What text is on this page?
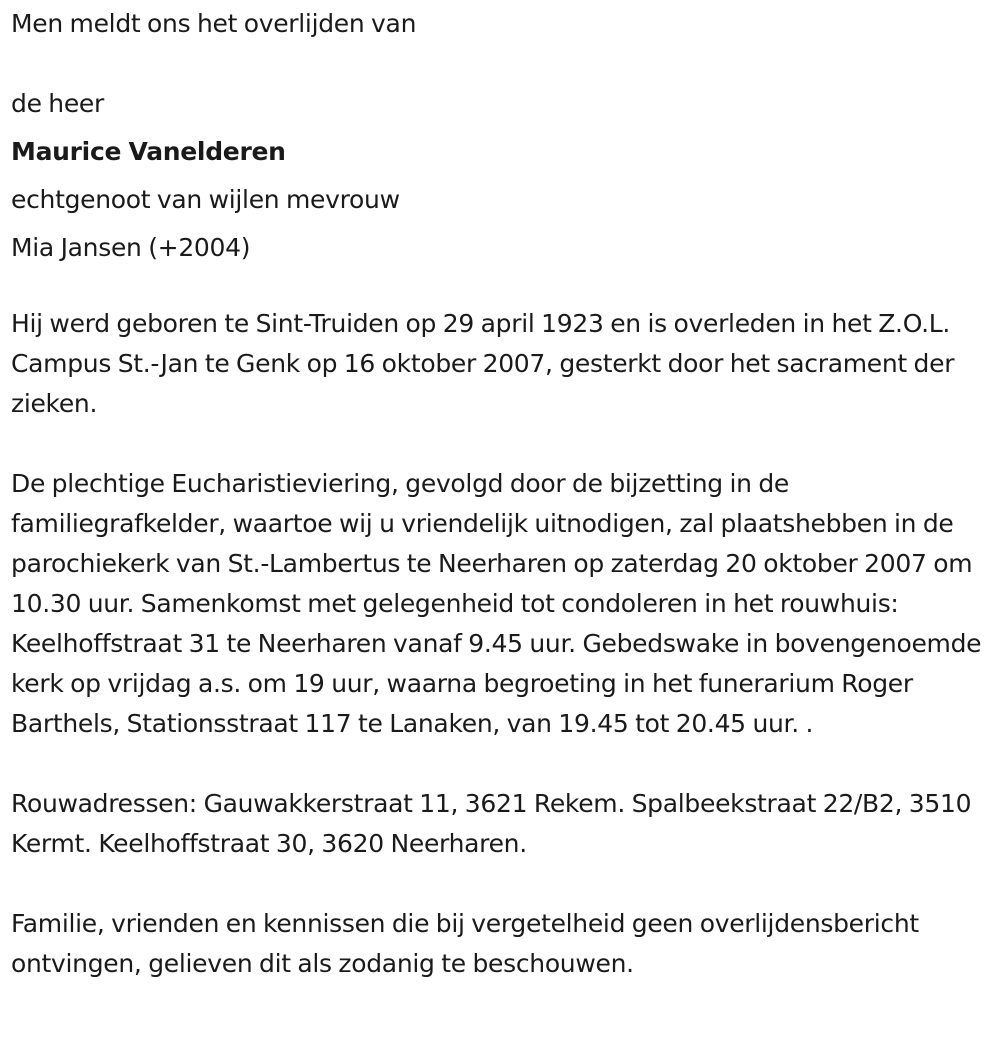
Men meldt ons het overlijden van
de heer
Maurice Vanelderen
echtgenoot van wijlen mevrouw
Mia Jansen (+2004)
Hij werd geboren te Sint-Truiden op 29 april 1923 en is overleden in het Z.O.L. Campus St.-Jan te Genk op 16 oktober 2007, gesterkt door het sacrament der zieken.
De plechtige Eucharistieviering, gevolgd door de bijzetting in de familiegrafkelder, waartoe wij u vriendelijk uitnodigen, zal plaatshebben in de parochiekerk van St.-Lambertus te Neerharen op zaterdag 20 oktober 2007 om 10.30 uur. Samenkomst met gelegenheid tot condoleren in het rouwhuis: Keelhoffstraat 31 te Neerharen vanaf 9.45 uur. Gebedswake in bovengenoemde kerk op vrijdag a.s. om 19 uur, waarna begroeting in het funerarium Roger Barthels, Stationsstraat 117 te Lanaken, van 19.45 tot 20.45 uur. .
Rouwadressen: Gauwakkerstraat 11, 3621 Rekem. Spalbeekstraat 22/B2, 3510 Kermt. Keelhoffstraat 30, 3620 Neerharen.
Familie, vrienden en kennissen die bij vergetelheid geen overlijdensbericht ontvingen, gelieven dit als zodanig te beschouwen.
